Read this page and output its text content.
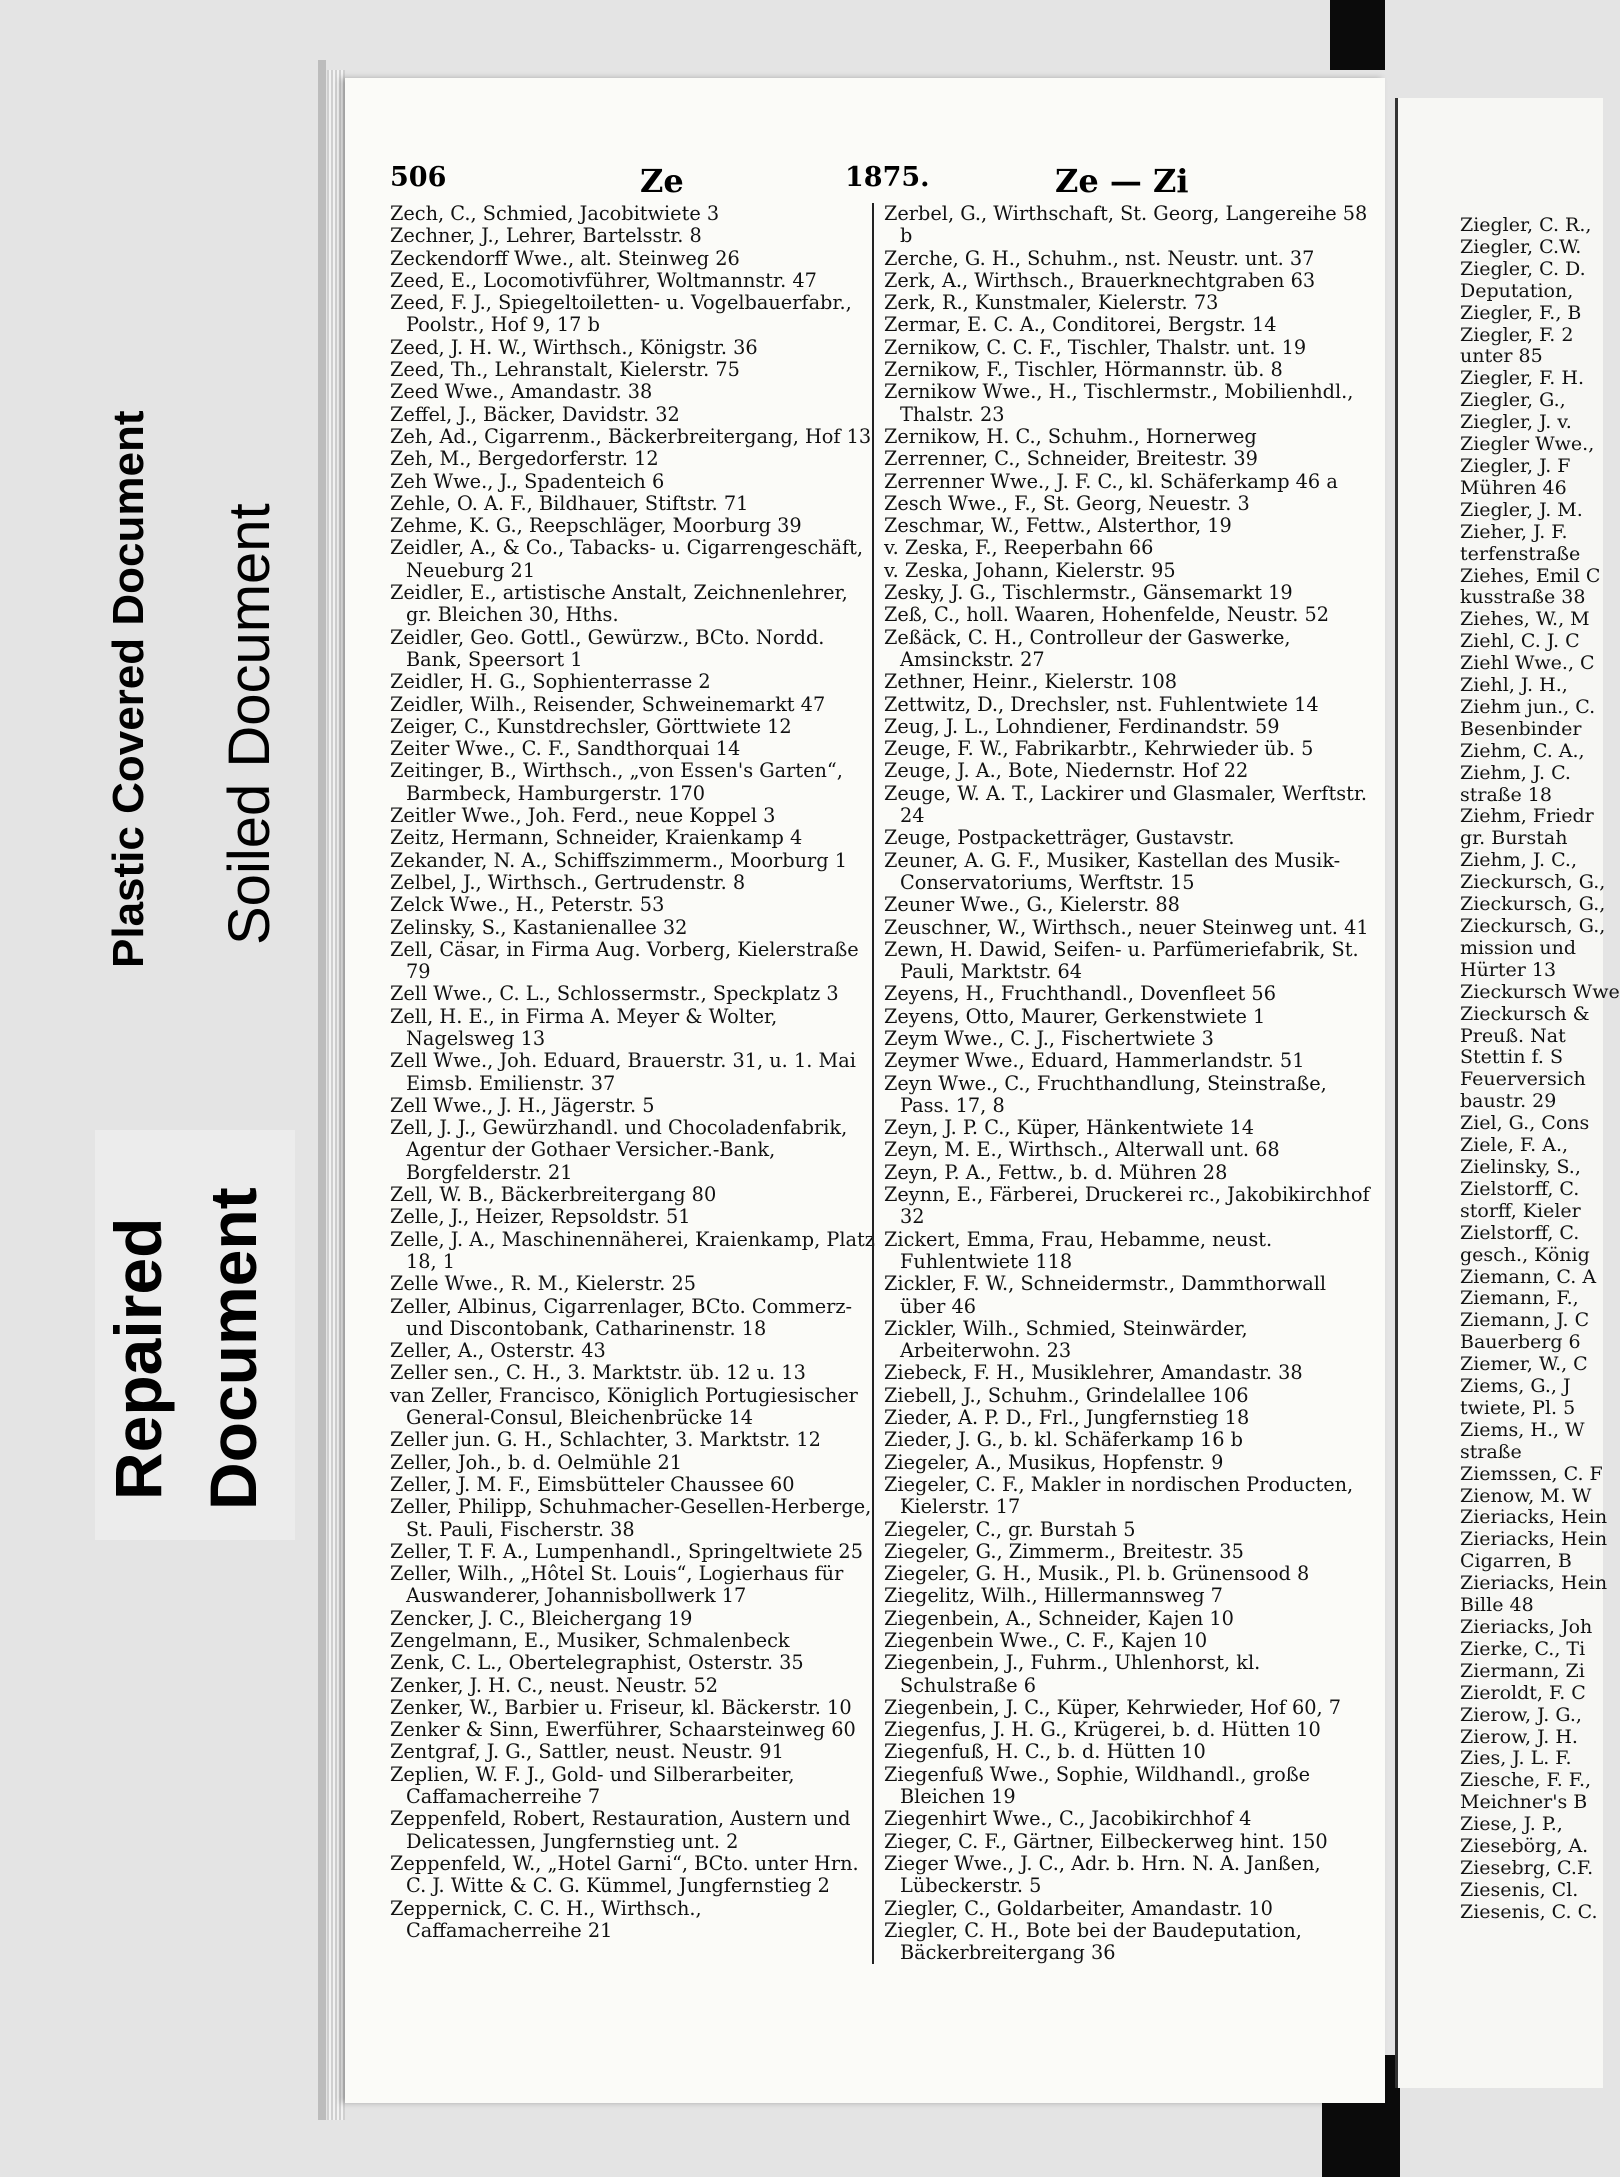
Plastic Covered Document Soiled Document
Repaired Document
506	Ze	1875.	Ze — Zi

Zech, C., Schmied, Jacobitwiete 3

Zechner, J., Lehrer, Bartelsstr. 8

Zeckendorff Wwe., alt. Steinweg 26

Zeed, E., Locomotivführer, Woltmannstr. 47

Zeed, F. J., Spiegeltoiletten- u. Vogelbauerfabr., Poolstr., Hof 9, 17 b

Zeed, J. H. W., Wirthsch., Königstr. 36

Zeed, Th., Lehranstalt, Kielerstr. 75

Zeed Wwe., Amandastr. 38

Zeffel, J., Bäcker, Davidstr. 32

Zeh, Ad., Cigarrenm., Bäckerbreitergang, Hof 13

Zeh, M., Bergedorferstr. 12

Zeh Wwe., J., Spadenteich 6

Zehle, O. A. F., Bildhauer, Stiftstr. 71

Zehme, K. G., Reepschläger, Moorburg 39

Zeidler, A., & Co., Tabacks- u. Cigarrengeschäft, Neueburg 21

Zeidler, E., artistische Anstalt, Zeichnenlehrer, gr. Bleichen 30, Hths.

Zeidler, Geo. Gottl., Gewürzw., BCto. Nordd. Bank, Speersort 1

Zeidler, H. G., Sophienterrasse 2

Zeidler, Wilh., Reisender, Schweinemarkt 47

Zeiger, C., Kunstdrechsler, Görttwiete 12

Zeiter Wwe., C. F., Sandthorquai 14

Zeitinger, B., Wirthsch., „von Essen's Garten“, Barmbeck, Hamburgerstr. 170

Zeitler Wwe., Joh. Ferd., neue Koppel 3

Zeitz, Hermann, Schneider, Kraienkamp 4

Zekander, N. A., Schiffszimmerm., Moorburg 1

Zelbel, J., Wirthsch., Gertrudenstr. 8

Zelck Wwe., H., Peterstr. 53

Zelinsky, S., Kastanienallee 32

Zell, Cäsar, in Firma Aug. Vorberg, Kielerstraße 79

Zell Wwe., C. L., Schlossermstr., Speckplatz 3

Zell, H. E., in Firma A. Meyer & Wolter, Nagelsweg 13

Zell Wwe., Joh. Eduard, Brauerstr. 31, u. 1. Mai Eimsb. Emilienstr. 37

Zell Wwe., J. H., Jägerstr. 5

Zell, J. J., Gewürzhandl. und Chocoladenfabrik, Agentur der Gothaer Versicher.-Bank, Borgfelderstr. 21

Zell, W. B., Bäckerbreitergang 80

Zelle, J., Heizer, Repsoldstr. 51

Zelle, J. A., Maschinennäherei, Kraienkamp, Platz 18, 1

Zelle Wwe., R. M., Kielerstr. 25

Zeller, Albinus, Cigarrenlager, BCto. Commerz- und Discontobank, Catharinenstr. 18

Zeller, A., Osterstr. 43

Zeller sen., C. H., 3. Marktstr. üb. 12 u. 13

van Zeller, Francisco, Königlich Portugiesischer General-Consul, Bleichenbrücke 14

Zeller jun. G. H., Schlachter, 3. Marktstr. 12

Zeller, Joh., b. d. Oelmühle 21

Zeller, J. M. F., Eimsbütteler Chaussee 60

Zeller, Philipp, Schuhmacher-Gesellen-Herberge, St. Pauli, Fischerstr. 38

Zeller, T. F. A., Lumpenhandl., Springeltwiete 25

Zeller, Wilh., „Hôtel St. Louis“, Logierhaus für Auswanderer, Johannisbollwerk 17

Zencker, J. C., Bleichergang 19

Zengelmann, E., Musiker, Schmalenbeck

Zenk, C. L., Obertelegraphist, Osterstr. 35

Zenker, J. H. C., neust. Neustr. 52

Zenker, W., Barbier u. Friseur, kl. Bäckerstr. 10

Zenker & Sinn, Ewerführer, Schaarsteinweg 60

Zentgraf, J. G., Sattler, neust. Neustr. 91

Zeplien, W. F. J., Gold- und Silberarbeiter, Caffamacherreihe 7

Zeppenfeld, Robert, Restauration, Austern und Delicatessen, Jungfernstieg unt. 2

Zeppenfeld, W., „Hotel Garni“, BCto. unter Hrn. C. J. Witte & C. G. Kümmel, Jungfernstieg 2

Zeppernick, C. C. H., Wirthsch., Caffamacherreihe 21

Zerbel, G., Wirthschaft, St. Georg, Langereihe 58 b

Zerche, G. H., Schuhm., nst. Neustr. unt. 37

Zerk, A., Wirthsch., Brauerknechtgraben 63

Zerk, R., Kunstmaler, Kielerstr. 73

Zermar, E. C. A., Conditorei, Bergstr. 14

Zernikow, C. C. F., Tischler, Thalstr. unt. 19

Zernikow, F., Tischler, Hörmannstr. üb. 8

Zernikow Wwe., H., Tischlermstr., Mobilienhdl., Thalstr. 23

Zernikow, H. C., Schuhm., Hornerweg

Zerrenner, C., Schneider, Breitestr. 39

Zerrenner Wwe., J. F. C., kl. Schäferkamp 46 a

Zesch Wwe., F., St. Georg, Neuestr. 3

Zeschmar, W., Fettw., Alsterthor, 19

v. Zeska, F., Reeperbahn 66

v. Zeska, Johann, Kielerstr. 95

Zesky, J. G., Tischlermstr., Gänsemarkt 19

Zeß, C., holl. Waaren, Hohenfelde, Neustr. 52

Zeßäck, C. H., Controlleur der Gaswerke, Amsinckstr. 27

Zethner, Heinr., Kielerstr. 108

Zettwitz, D., Drechsler, nst. Fuhlentwiete 14

Zeug, J. L., Lohndiener, Ferdinandstr. 59

Zeuge, F. W., Fabrikarbtr., Kehrwieder üb. 5

Zeuge, J. A., Bote, Niedernstr. Hof 22

Zeuge, W. A. T., Lackirer und Glasmaler, Werftstr. 24

Zeuge, Postpacketträger, Gustavstr.

Zeuner, A. G. F., Musiker, Kastellan des Musik-Conservatoriums, Werftstr. 15

Zeuner Wwe., G., Kielerstr. 88

Zeuschner, W., Wirthsch., neuer Steinweg unt. 41

Zewn, H. Dawid, Seifen- u. Parfümeriefabrik, St. Pauli, Marktstr. 64

Zeyens, H., Fruchthandl., Dovenfleet 56

Zeyens, Otto, Maurer, Gerkenstwiete 1

Zeym Wwe., C. J., Fischertwiete 3

Zeymer Wwe., Eduard, Hammerlandstr. 51

Zeyn Wwe., C., Fruchthandlung, Steinstraße, Pass. 17, 8

Zeyn, J. P. C., Küper, Hänkentwiete 14

Zeyn, M. E., Wirthsch., Alterwall unt. 68

Zeyn, P. A., Fettw., b. d. Mühren 28

Zeynn, E., Färberei, Druckerei rc., Jakobikirchhof 32

Zickert, Emma, Frau, Hebamme, neust. Fuhlentwiete 118

Zickler, F. W., Schneidermstr., Dammthorwall über 46

Zickler, Wilh., Schmied, Steinwärder, Arbeiterwohn. 23

Ziebeck, F. H., Musiklehrer, Amandastr. 38

Ziebell, J., Schuhm., Grindelallee 106

Zieder, A. P. D., Frl., Jungfernstieg 18

Zieder, J. G., b. kl. Schäferkamp 16 b

Ziegeler, A., Musikus, Hopfenstr. 9

Ziegeler, C. F., Makler in nordischen Producten, Kielerstr. 17

Ziegeler, C., gr. Burstah 5

Ziegeler, G., Zimmerm., Breitestr. 35

Ziegeler, G. H., Musik., Pl. b. Grünensood 8

Ziegelitz, Wilh., Hillermannsweg 7

Ziegenbein, A., Schneider, Kajen 10

Ziegenbein Wwe., C. F., Kajen 10

Ziegenbein, J., Fuhrm., Uhlenhorst, kl. Schulstraße 6

Ziegenbein, J. C., Küper, Kehrwieder, Hof 60, 7

Ziegenfus, J. H. G., Krügerei, b. d. Hütten 10

Ziegenfuß, H. C., b. d. Hütten 10

Ziegenfuß Wwe., Sophie, Wildhandl., große Bleichen 19

Ziegenhirt Wwe., C., Jacobikirchhof 4

Zieger, C. F., Gärtner, Eilbeckerweg hint. 150

Zieger Wwe., J. C., Adr. b. Hrn. N. A. Janßen, Lübeckerstr. 5

Ziegler, C., Goldarbeiter, Amandastr. 10

Ziegler, C. H., Bote bei der Baudeputation, Bäckerbreitergang 36

Ziegler, C. R.,

Ziegler, C.W.

Ziegler, C. D.

Deputation,

Ziegler, F., B

Ziegler, F. 2

unter 85

Ziegler, F. H.

Ziegler, G.,

Ziegler, J. v.

Ziegler Wwe.,

Ziegler, J. F

Mühren 46

Ziegler, J. M.

Zieher, J. F.

terfenstraße

Ziehes, Emil C

kusstraße 38

Ziehes, W., M

Ziehl, C. J. C

Ziehl Wwe., C

Ziehl, J. H.,

Ziehm jun., C.

Besenbinder

Ziehm, C. A.,

Ziehm, J. C.

straße 18

Ziehm, Friedr

gr. Burstah

Ziehm, J. C.,

Zieckursch, G.,

Zieckursch, G.,

Zieckursch, G.,

mission und

Hürter 13

Zieckursch Wwe

Zieckursch &

Preuß. Nat

Stettin f. S

Feuerversich

baustr. 29

Ziel, G., Cons

Ziele, F. A.,

Zielinsky, S.,

Zielstorff, C.

storff, Kieler

Zielstorff, C.

gesch., König

Ziemann, C. A

Ziemann, F.,

Ziemann, J. C

Bauerberg 6

Ziemer, W., C

Ziems, G., J

twiete, Pl. 5

Ziems, H., W

straße

Ziemssen, C. F

Zienow, M. W

Zieriacks, Hein

Zieriacks, Hein

Cigarren, B

Zieriacks, Hein

Bille 48

Zieriacks, Joh

Zierke, C., Ti

Ziermann, Zi

Zieroldt, F. C

Zierow, J. G.,

Zierow, J. H.

Zies, J. L. F.

Ziesche, F. F.,

Meichner's B

Ziese, J. P.,

Ziesebörg, A.

Ziesebrg, C.F.

Ziesenis, Cl.

Ziesenis, C. C.
